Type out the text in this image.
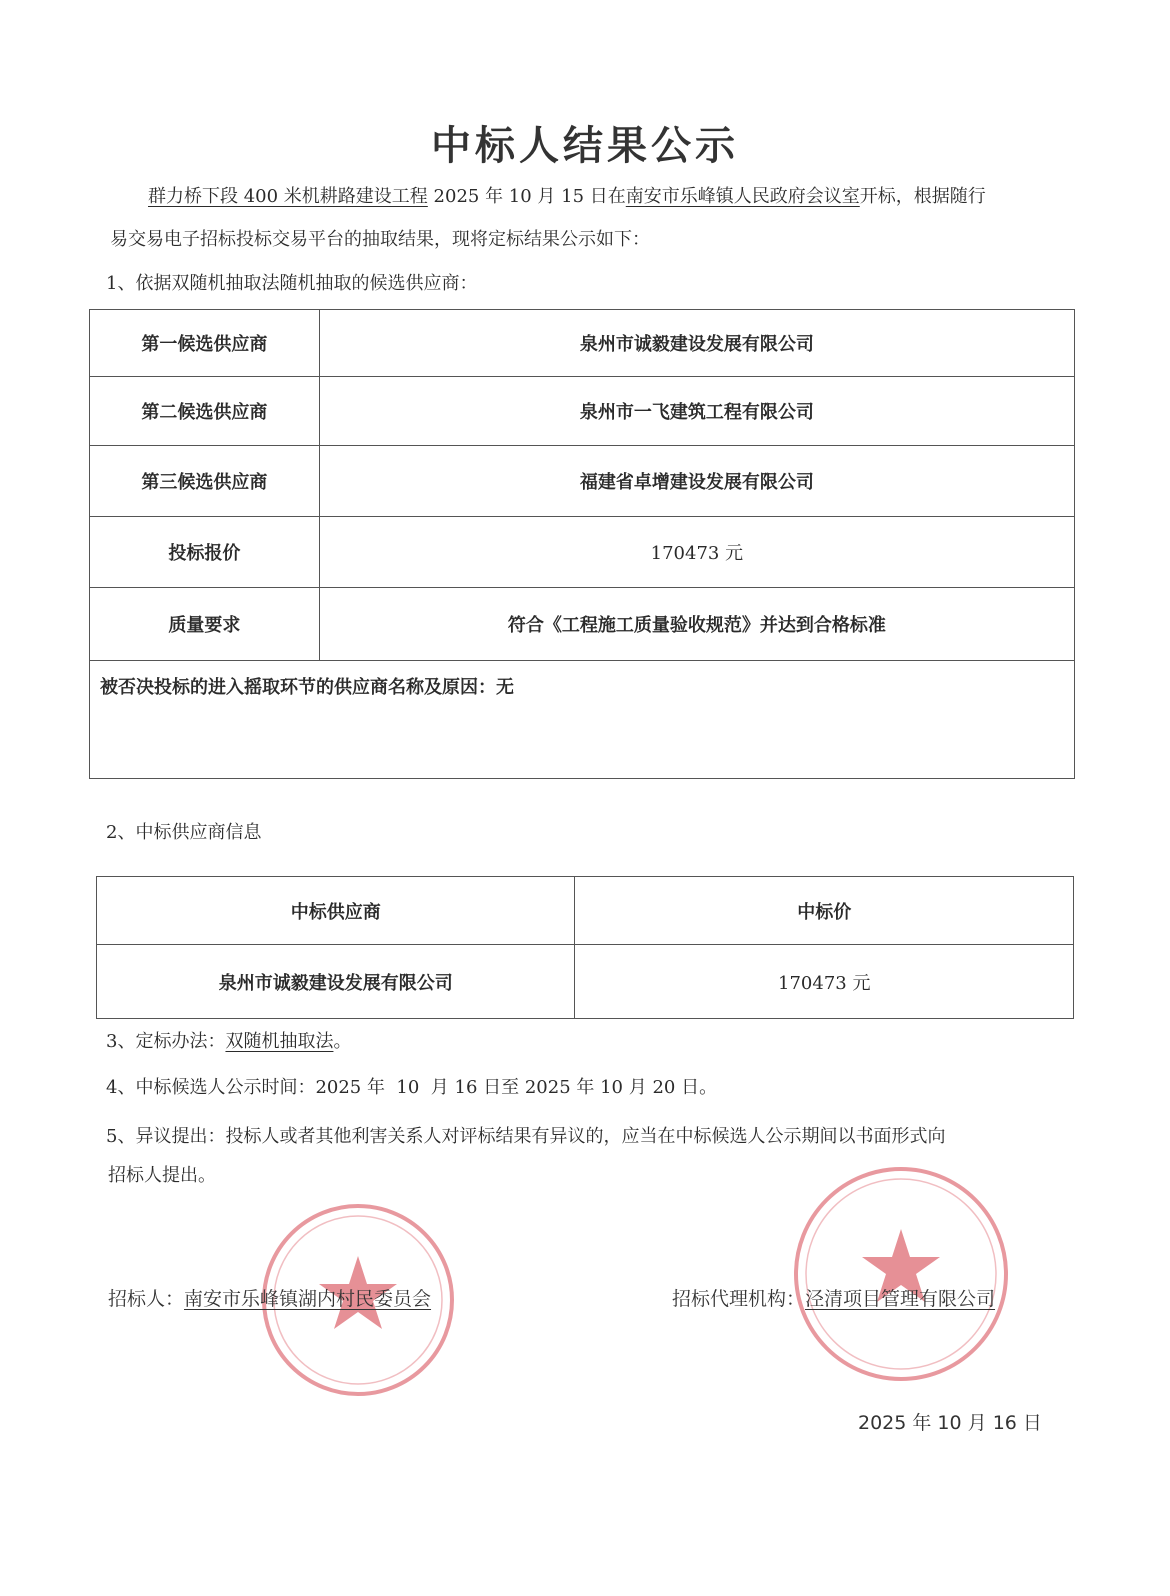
中标人结果公示
群力桥下段 400 米机耕路建设工程 2025 年 10 月 15 日在南安市乐峰镇人民政府会议室开标，根据随行
易交易电子招标投标交易平台的抽取结果，现将定标结果公示如下：
1、依据双随机抽取法随机抽取的候选供应商：
第一候选供应商	泉州市诚毅建设发展有限公司
第二候选供应商	泉州市一飞建筑工程有限公司
第三候选供应商	福建省卓增建设发展有限公司
投标报价	170473 元
质量要求	符合《工程施工质量验收规范》并达到合格标准
被否决投标的进入摇取环节的供应商名称及原因：无	
2、中标供应商信息
中标供应商	中标价
泉州市诚毅建设发展有限公司	170473 元
3、定标办法：双随机抽取法。
4、中标候选人公示时间：2025 年  10  月 16 日至 2025 年 10 月 20 日。
5、异议提出：投标人或者其他利害关系人对评标结果有异议的，应当在中标候选人公示期间以书面形式向
招标人提出。
招标人：南安市乐峰镇湖内村民委员会	招标代理机构：泾清项目管理有限公司
2025 年 10 月 16 日
